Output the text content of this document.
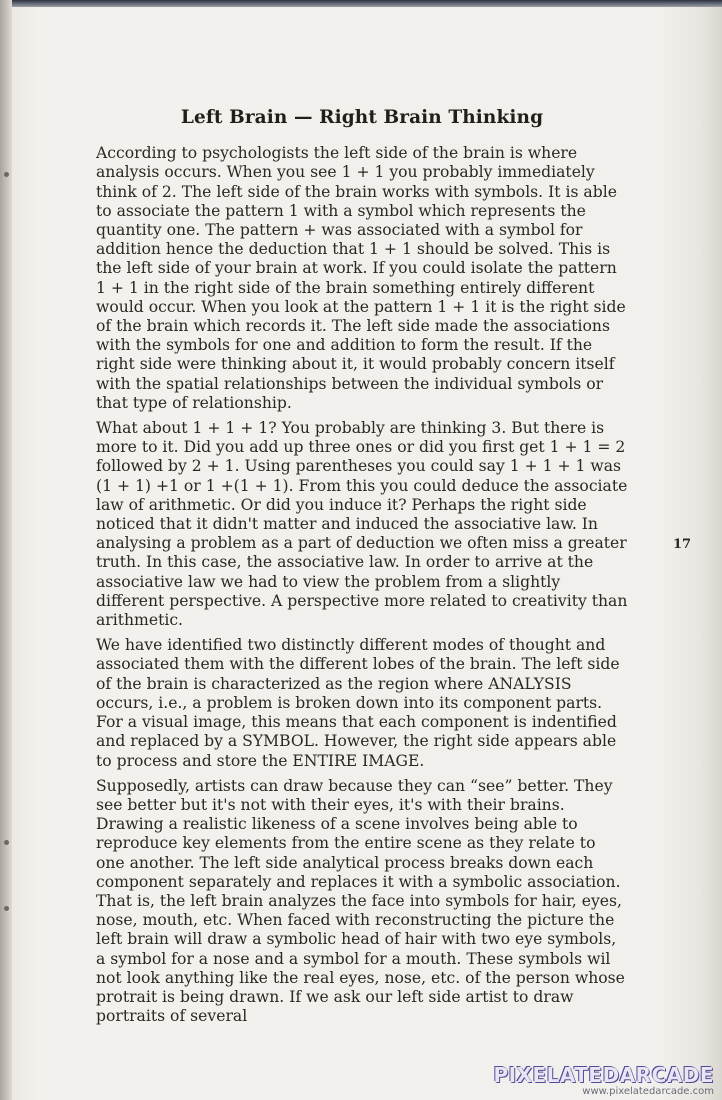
Left Brain — Right Brain Thinking

According to psychologists the left side of the brain is where analysis occurs. When you see 1 + 1 you probably immediately think of 2. The left side of the brain works with symbols. It is able to associate the pattern 1 with a symbol which represents the quantity one. The pattern + was associated with a symbol for addition hence the deduction that 1 + 1 should be solved. This is the left side of your brain at work. If you could isolate the pattern 1 + 1 in the right side of the brain something entirely different would occur. When you look at the pattern 1 + 1 it is the right side of the brain which records it. The left side made the associations with the symbols for one and addition to form the result. If the right side were thinking about it, it would probably concern itself with the spatial relationships between the individual symbols or that type of relationship.

What about 1 + 1 + 1? You probably are thinking 3. But there is more to it. Did you add up three ones or did you first get 1 + 1 = 2 followed by 2 + 1. Using parentheses you could say 1 + 1 + 1 was (1 + 1) +1 or 1 +(1 + 1). From this you could deduce the associate law of arithmetic. Or did you induce it? Perhaps the right side noticed that it didn't matter and induced the associative law. In analysing a problem as a part of deduction we often miss a greater truth. In this case, the associative law. In order to arrive at the associative law we had to view the problem from a slightly different perspective. A perspective more related to creativity than arithmetic.

We have identified two distinctly different modes of thought and associated them with the different lobes of the brain. The left side of the brain is characterized as the region where ANALYSIS occurs, i.e., a problem is broken down into its component parts. For a visual image, this means that each component is indentified and replaced by a SYMBOL. However, the right side appears able to process and store the ENTIRE IMAGE.

Supposedly, artists can draw because they can “see” better. They see better but it's not with their eyes, it's with their brains. Drawing a realistic likeness of a scene involves being able to reproduce key elements from the entire scene as they relate to one another. The left side analytical process breaks down each component separately and replaces it with a symbolic association. That is, the left brain analyzes the face into symbols for hair, eyes, nose, mouth, etc. When faced with reconstructing the picture the left brain will draw a symbolic head of hair with two eye symbols, a symbol for a nose and a symbol for a mouth. These symbols wil not look anything like the real eyes, nose, etc. of the person whose protrait is being drawn. If we ask our left side artist to draw portraits of several

17
PIXELATEDARCADE
www.pixelatedarcade.com
